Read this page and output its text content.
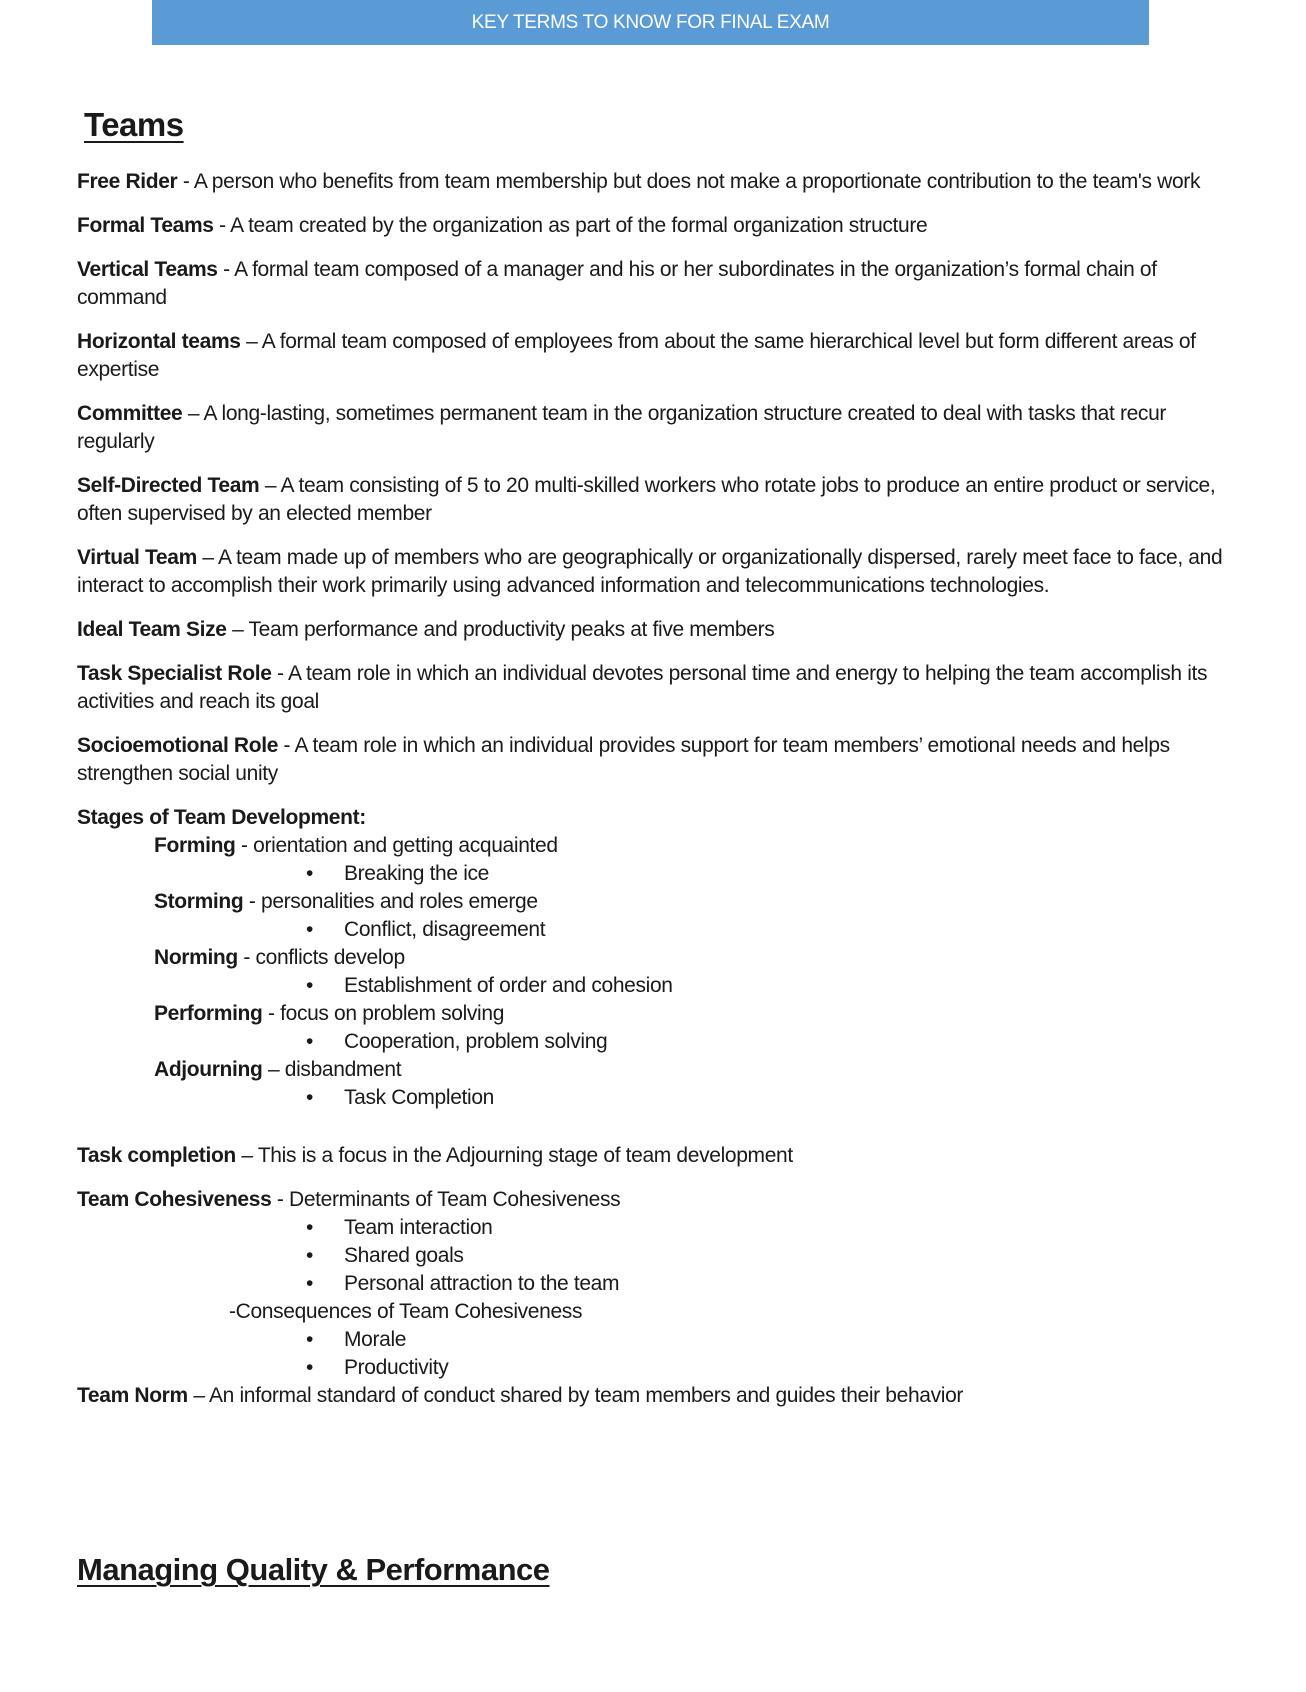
KEY TERMS TO KNOW FOR FINAL EXAM
Teams

Free Rider - A person who benefits from team membership but does not make a proportionate contribution to the team's work

Formal Teams - A team created by the organization as part of the formal organization structure

Vertical Teams - A formal team composed of a manager and his or her subordinates in the organization’s formal chain of command

Horizontal teams – A formal team composed of employees from about the same hierarchical level but form different areas of expertise

Committee – A long-lasting, sometimes permanent team in the organization structure created to deal with tasks that recur regularly

Self-Directed Team – A team consisting of 5 to 20 multi-skilled workers who rotate jobs to produce an entire product or service, often supervised by an elected member

Virtual Team – A team made up of members who are geographically or organizationally dispersed, rarely meet face to face, and interact to accomplish their work primarily using advanced information and telecommunications technologies.

Ideal Team Size – Team performance and productivity peaks at five members

Task Specialist Role - A team role in which an individual devotes personal time and energy to helping the team accomplish its activities and reach its goal

Socioemotional Role - A team role in which an individual provides support for team members’ emotional needs and helps strengthen social unity

Stages of Team Development:
Forming - orientation and getting acquainted
• Breaking the ice
Storming - personalities and roles emerge
• Conflict, disagreement
Norming - conflicts develop
• Establishment of order and cohesion
Performing - focus on problem solving
• Cooperation, problem solving
Adjourning – disbandment
• Task Completion

Task completion – This is a focus in the Adjourning stage of team development

Team Cohesiveness - Determinants of Team Cohesiveness
• Team interaction
• Shared goals
• Personal attraction to the team
-Consequences of Team Cohesiveness
• Morale
• Productivity
Team Norm – An informal standard of conduct shared by team members and guides their behavior
Managing Quality & Performance
